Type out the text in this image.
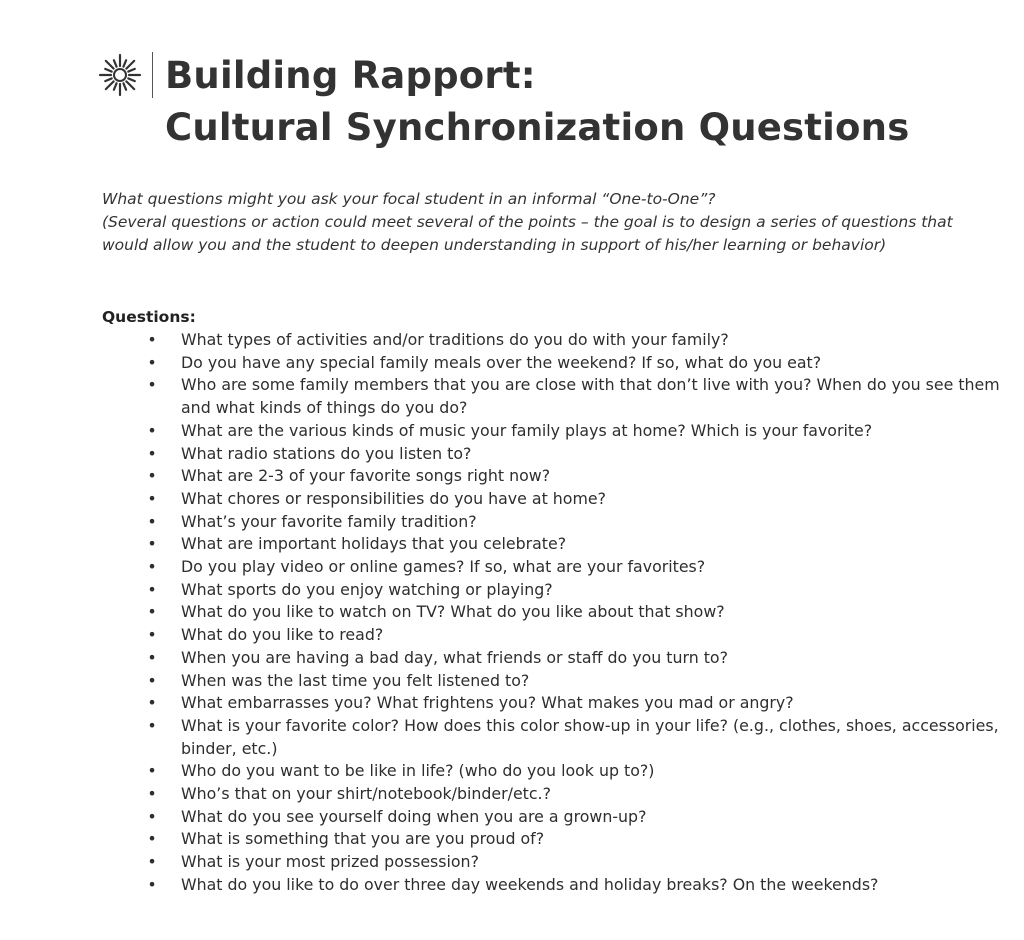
Building Rapport:
Cultural Synchronization Questions

What questions might you ask your focal student in an informal “One-to-One”?

(Several questions or action could meet several of the points – the goal is to design a series of questions that would allow you and the student to deepen understanding in support of his/her learning or behavior)

Questions:
• What types of activities and/or traditions do you do with your family?
• Do you have any special family meals over the weekend? If so, what do you eat?
• Who are some family members that you are close with that don’t live with you? When do you see them and what kinds of things do you do?
• What are the various kinds of music your family plays at home? Which is your favorite?
• What radio stations do you listen to?
• What are 2-3 of your favorite songs right now?
• What chores or responsibilities do you have at home?
• What’s your favorite family tradition?
• What are important holidays that you celebrate?
• Do you play video or online games? If so, what are your favorites?
• What sports do you enjoy watching or playing?
• What do you like to watch on TV? What do you like about that show?
• What do you like to read?
• When you are having a bad day, what friends or staff do you turn to?
• When was the last time you felt listened to?
• What embarrasses you? What frightens you? What makes you mad or angry?
• What is your favorite color? How does this color show-up in your life? (e.g., clothes, shoes, accessories, binder, etc.)
• Who do you want to be like in life? (who do you look up to?)
• Who’s that on your shirt/notebook/binder/etc.?
• What do you see yourself doing when you are a grown-up?
• What is something that you are you proud of?
• What is your most prized possession?
• What do you like to do over three day weekends and holiday breaks? On the weekends?
